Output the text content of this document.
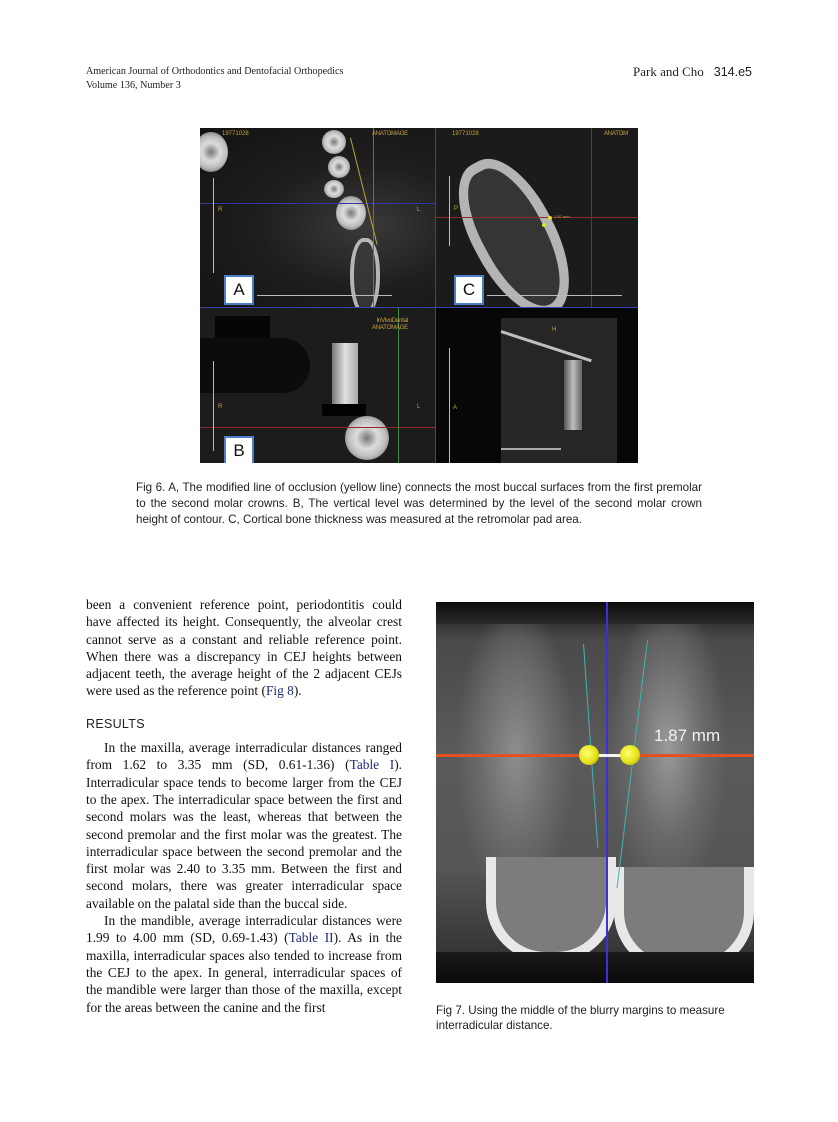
American Journal of Orthodontics and Dentofacial Orthopedics
Volume 136, Number 3
Park and Cho 314.e5
ANATOMAGE
19771028
R	L
A
2.52 mm
ANATOM
19771028
P
C
InVivoDental
ANATOMAGE
R	L
B
H
A
Fig 6. A, The modified line of occlusion (yellow line) connects the most buccal surfaces from the first premolar to the second molar crowns. B, The vertical level was determined by the level of the second molar crown height of contour. C, Cortical bone thickness was measured at the retromolar pad area.

been a convenient reference point, periodontitis could have affected its height. Consequently, the alveolar crest cannot serve as a constant and reliable reference point. When there was a discrepancy in CEJ heights between adjacent teeth, the average height of the 2 adjacent CEJs were used as the reference point (Fig 8).

RESULTS

In the maxilla, average interradicular distances ranged from 1.62 to 3.35 mm (SD, 0.61-1.36) (Table I). Interradicular space tends to become larger from the CEJ to the apex. The interradicular space between the first and second molars was the least, whereas that between the second premolar and the first molar was the greatest. The interradicular space between the second premolar and the first molar was 2.40 to 3.35 mm. Between the first and second molars, there was greater interradicular space available on the palatal side than the buccal side.

In the mandible, average interradicular distances were 1.99 to 4.00 mm (SD, 0.69-1.43) (Table II). As in the maxilla, interradicular spaces also tended to increase from the CEJ to the apex. In general, interradicular spaces of the mandible were larger than those of the maxilla, except for the areas between the canine and the first

1.87 mm
Fig 7. Using the middle of the blurry margins to measure interradicular distance.
